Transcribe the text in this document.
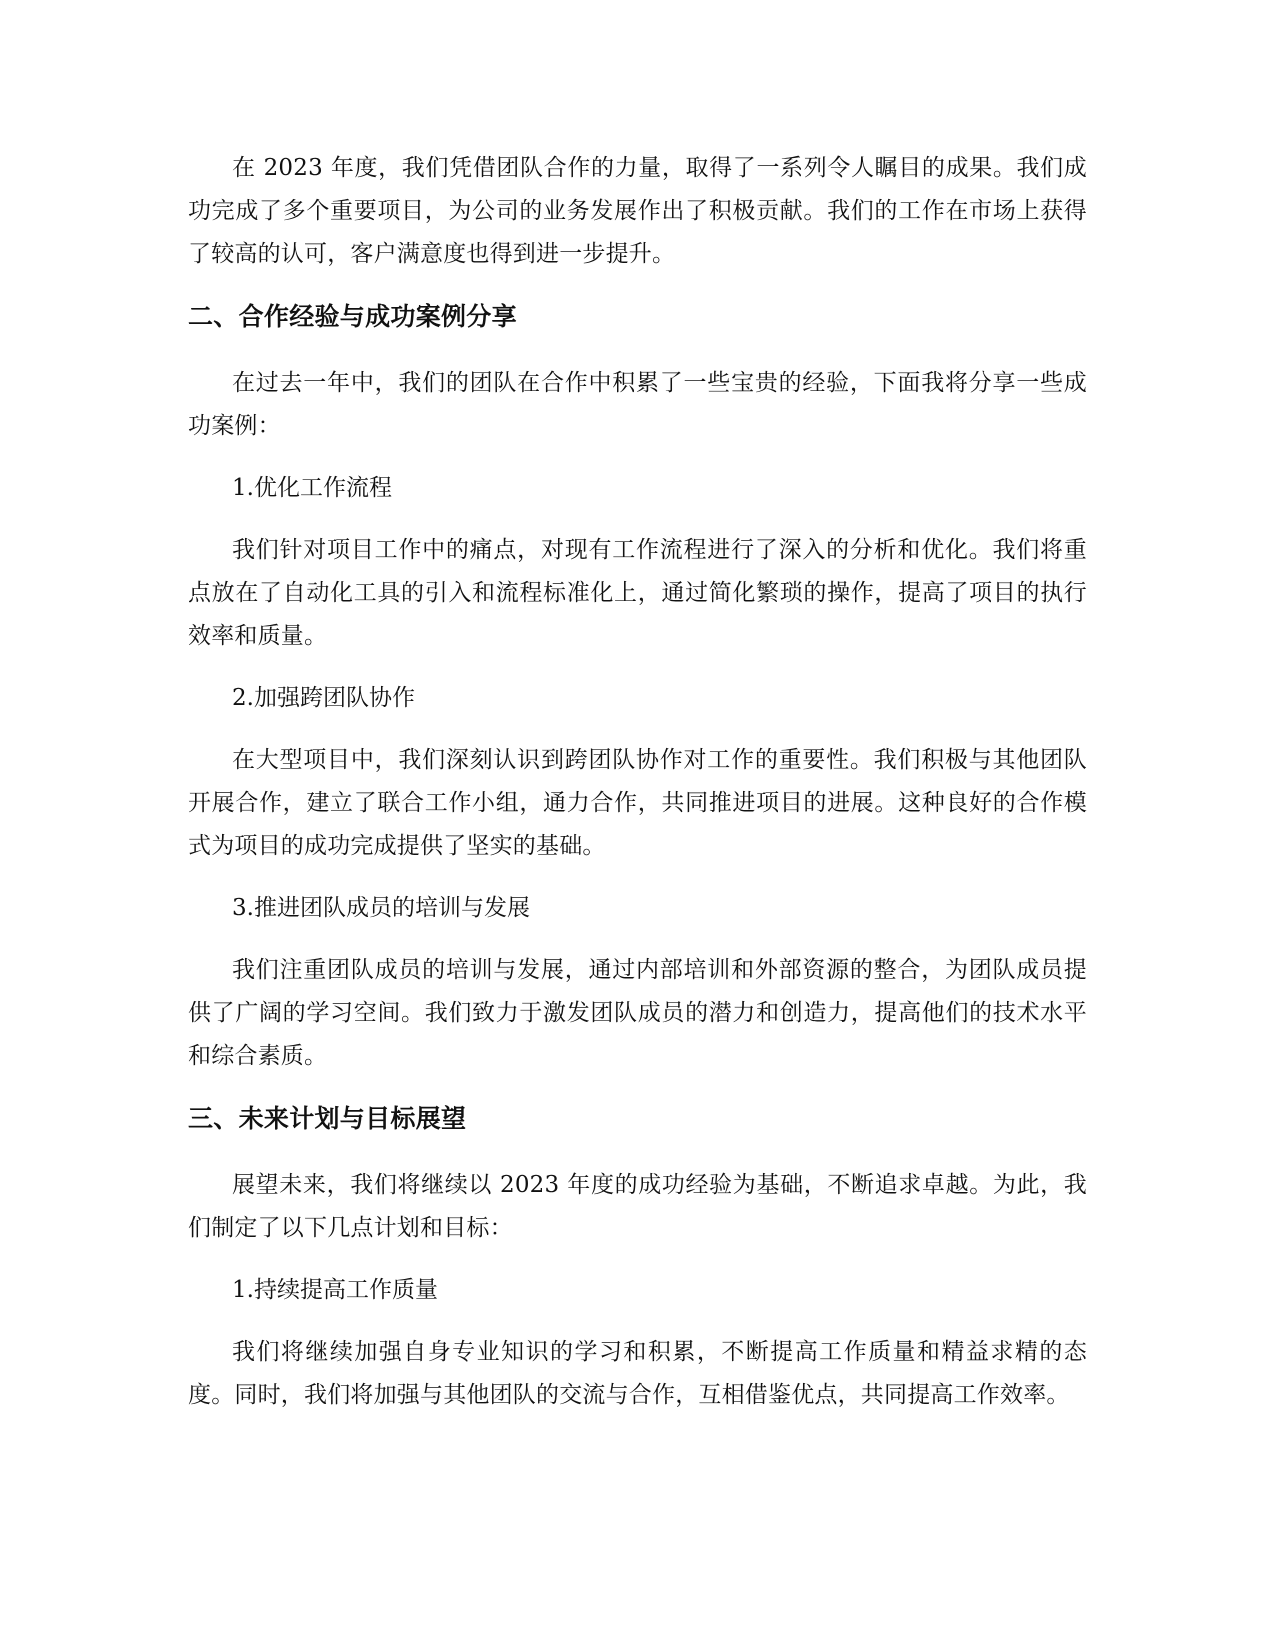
在 2023 年度，我们凭借团队合作的力量，取得了一系列令人瞩目的成果。我们成功完成了多个重要项目，为公司的业务发展作出了积极贡献。我们的工作在市场上获得了较高的认可，客户满意度也得到进一步提升。

二、合作经验与成功案例分享

在过去一年中，我们的团队在合作中积累了一些宝贵的经验，下面我将分享一些成功案例：

1.优化工作流程

我们针对项目工作中的痛点，对现有工作流程进行了深入的分析和优化。我们将重点放在了自动化工具的引入和流程标准化上，通过简化繁琐的操作，提高了项目的执行效率和质量。

2.加强跨团队协作

在大型项目中，我们深刻认识到跨团队协作对工作的重要性。我们积极与其他团队开展合作，建立了联合工作小组，通力合作，共同推进项目的进展。这种良好的合作模式为项目的成功完成提供了坚实的基础。

3.推进团队成员的培训与发展

我们注重团队成员的培训与发展，通过内部培训和外部资源的整合，为团队成员提供了广阔的学习空间。我们致力于激发团队成员的潜力和创造力，提高他们的技术水平和综合素质。

三、未来计划与目标展望

展望未来，我们将继续以 2023 年度的成功经验为基础，不断追求卓越。为此，我们制定了以下几点计划和目标：

1.持续提高工作质量

我们将继续加强自身专业知识的学习和积累，不断提高工作质量和精益求精的态度。同时，我们将加强与其他团队的交流与合作，互相借鉴优点，共同提高工作效率。
